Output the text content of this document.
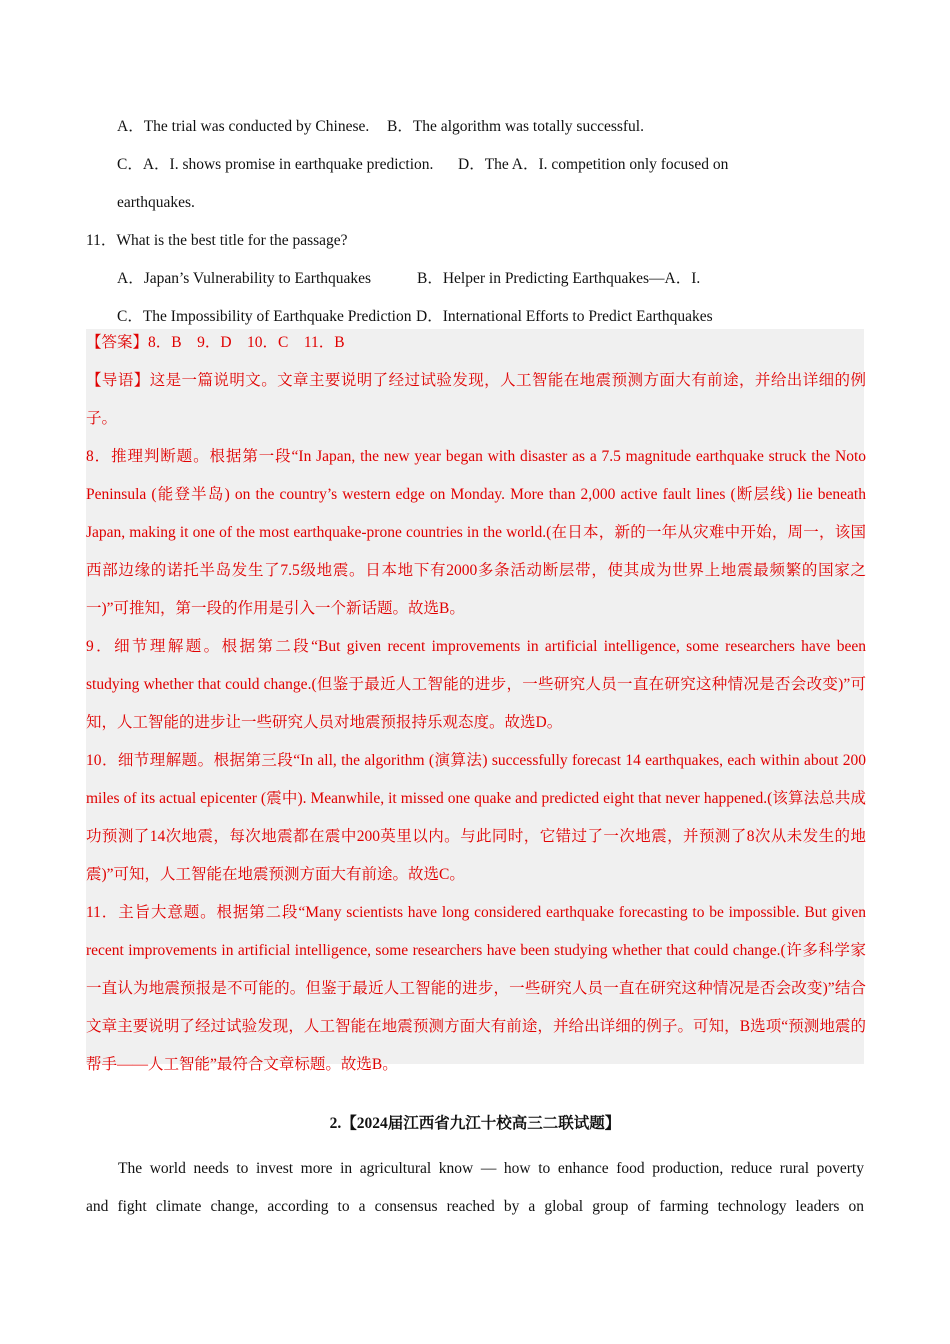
A．The trial was conducted by Chinese.	B．The algorithm was totally successful.
C．A．I. shows promise in earthquake prediction.	D．The A．I. competition only focused on
earthquakes.
11．What is the best title for the passage?
A．Japan’s Vulnerability to Earthquakes	B．Helper in Predicting Earthquakes—A．I.
C．The Impossibility of Earthquake Prediction D．International Efforts to Predict Earthquakes

【答案】8．B　9．D　10．C　11．B

【导语】这是一篇说明文。文章主要说明了经过试验发现，人工智能在地震预测方面大有前途，并给出详细的例子。

8．推理判断题。根据第一段“In Japan, the new year began with disaster as a 7.5 magnitude earthquake struck the Noto Peninsula (能登半岛) on the country’s western edge on Monday. More than 2,000 active fault lines (断层线) lie beneath Japan, making it one of the most earthquake-prone countries in the world.(在日本，新的一年从灾难中开始，周一，该国西部边缘的诺托半岛发生了7.5级地震。日本地下有2000多条活动断层带，使其成为世界上地震最频繁的国家之一)”可推知，第一段的作用是引入一个新话题。故选B。

9．细节理解题。根据第二段“But given recent improvements in artificial intelligence, some researchers have been studying whether that could change.(但鉴于最近人工智能的进步，一些研究人员一直在研究这种情况是否会改变)”可知，人工智能的进步让一些研究人员对地震预报持乐观态度。故选D。

10．细节理解题。根据第三段“In all, the algorithm (演算法) successfully forecast 14 earthquakes, each within about 200 miles of its actual epicenter (震中). Meanwhile, it missed one quake and predicted eight that never happened.(该算法总共成功预测了14次地震，每次地震都在震中200英里以内。与此同时，它错过了一次地震，并预测了8次从未发生的地震)”可知，人工智能在地震预测方面大有前途。故选C。

11．主旨大意题。根据第二段“Many scientists have long considered earthquake forecasting to be impossible. But given recent improvements in artificial intelligence, some researchers have been studying whether that could change.(许多科学家一直认为地震预报是不可能的。但鉴于最近人工智能的进步，一些研究人员一直在研究这种情况是否会改变)”结合文章主要说明了经过试验发现，人工智能在地震预测方面大有前途，并给出详细的例子。可知，B选项“预测地震的帮手——人工智能”最符合文章标题。故选B。

2.【2024届江西省九江十校高三二联试题】

The world needs to invest more in agricultural know — how to enhance food production, reduce rural poverty

and fight climate change, according to a consensus reached by a global group of farming technology leaders on
